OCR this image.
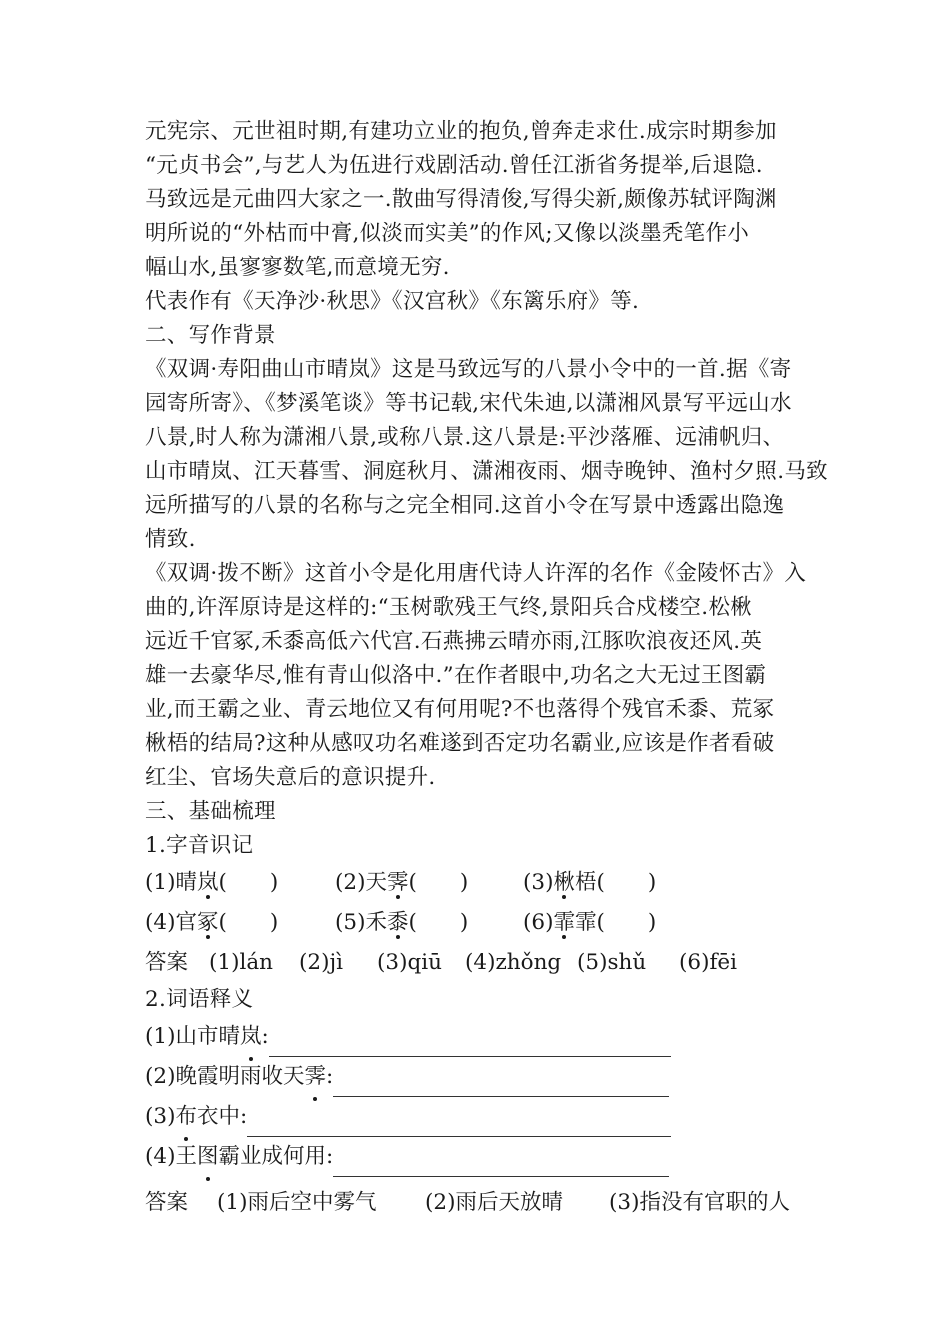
元宪宗、元世祖时期,有建功立业的抱负,曾奔走求仕.成宗时期参加
“元贞书会”,与艺人为伍进行戏剧活动.曾任江浙省务提举,后退隐.
马致远是元曲四大家之一.散曲写得清俊,写得尖新,颇像苏轼评陶渊
明所说的“外枯而中膏,似淡而实美”的作风;又像以淡墨秃笔作小
幅山水,虽寥寥数笔,而意境无穷.
代表作有《天净沙·秋思》《汉宫秋》《东篱乐府》等.
二、写作背景
《双调·寿阳曲山市晴岚》这是马致远写的八景小令中的一首.据《寄
园寄所寄》、《梦溪笔谈》等书记载,宋代朱迪,以潇湘风景写平远山水
八景,时人称为潇湘八景,或称八景.这八景是:平沙落雁、远浦帆归、
山市晴岚、江天暮雪、洞庭秋月、潇湘夜雨、烟寺晚钟、渔村夕照.马致
远所描写的八景的名称与之完全相同.这首小令在写景中透露出隐逸
情致.
《双调·拨不断》这首小令是化用唐代诗人许浑的名作《金陵怀古》入
曲的,许浑原诗是这样的:“玉树歌残王气终,景阳兵合戍楼空.松楸
远近千官冢,禾黍高低六代宫.石燕拂云晴亦雨,江豚吹浪夜还风.英
雄一去豪华尽,惟有青山似洛中.”在作者眼中,功名之大无过王图霸
业,而王霸之业、青云地位又有何用呢?不也落得个残官禾黍、荒冢
楸梧的结局?这种从感叹功名难遂到否定功名霸业,应该是作者看破
红尘、官场失意后的意识提升.
三、基础梳理
1.字音识记
(1)晴岚(　　)	(2)天霁(　　)	(3)楸梧(　　)
(4)官冢(　　)	(5)禾黍(　　)	(6)霏霏(　　)
答案 (1)lán (2)jì (3)qiū (4)zhǒng (5)shǔ (6)fēi
2.词语释义
(1) 山市晴 岚 :
(2) 晚霞明雨收天 霁 :
(3) 布 衣中 :
(4) 王 图 霸业成何用 :
答案 (1)雨后空中雾气 (2)雨后天放晴 (3)指没有官职的人
